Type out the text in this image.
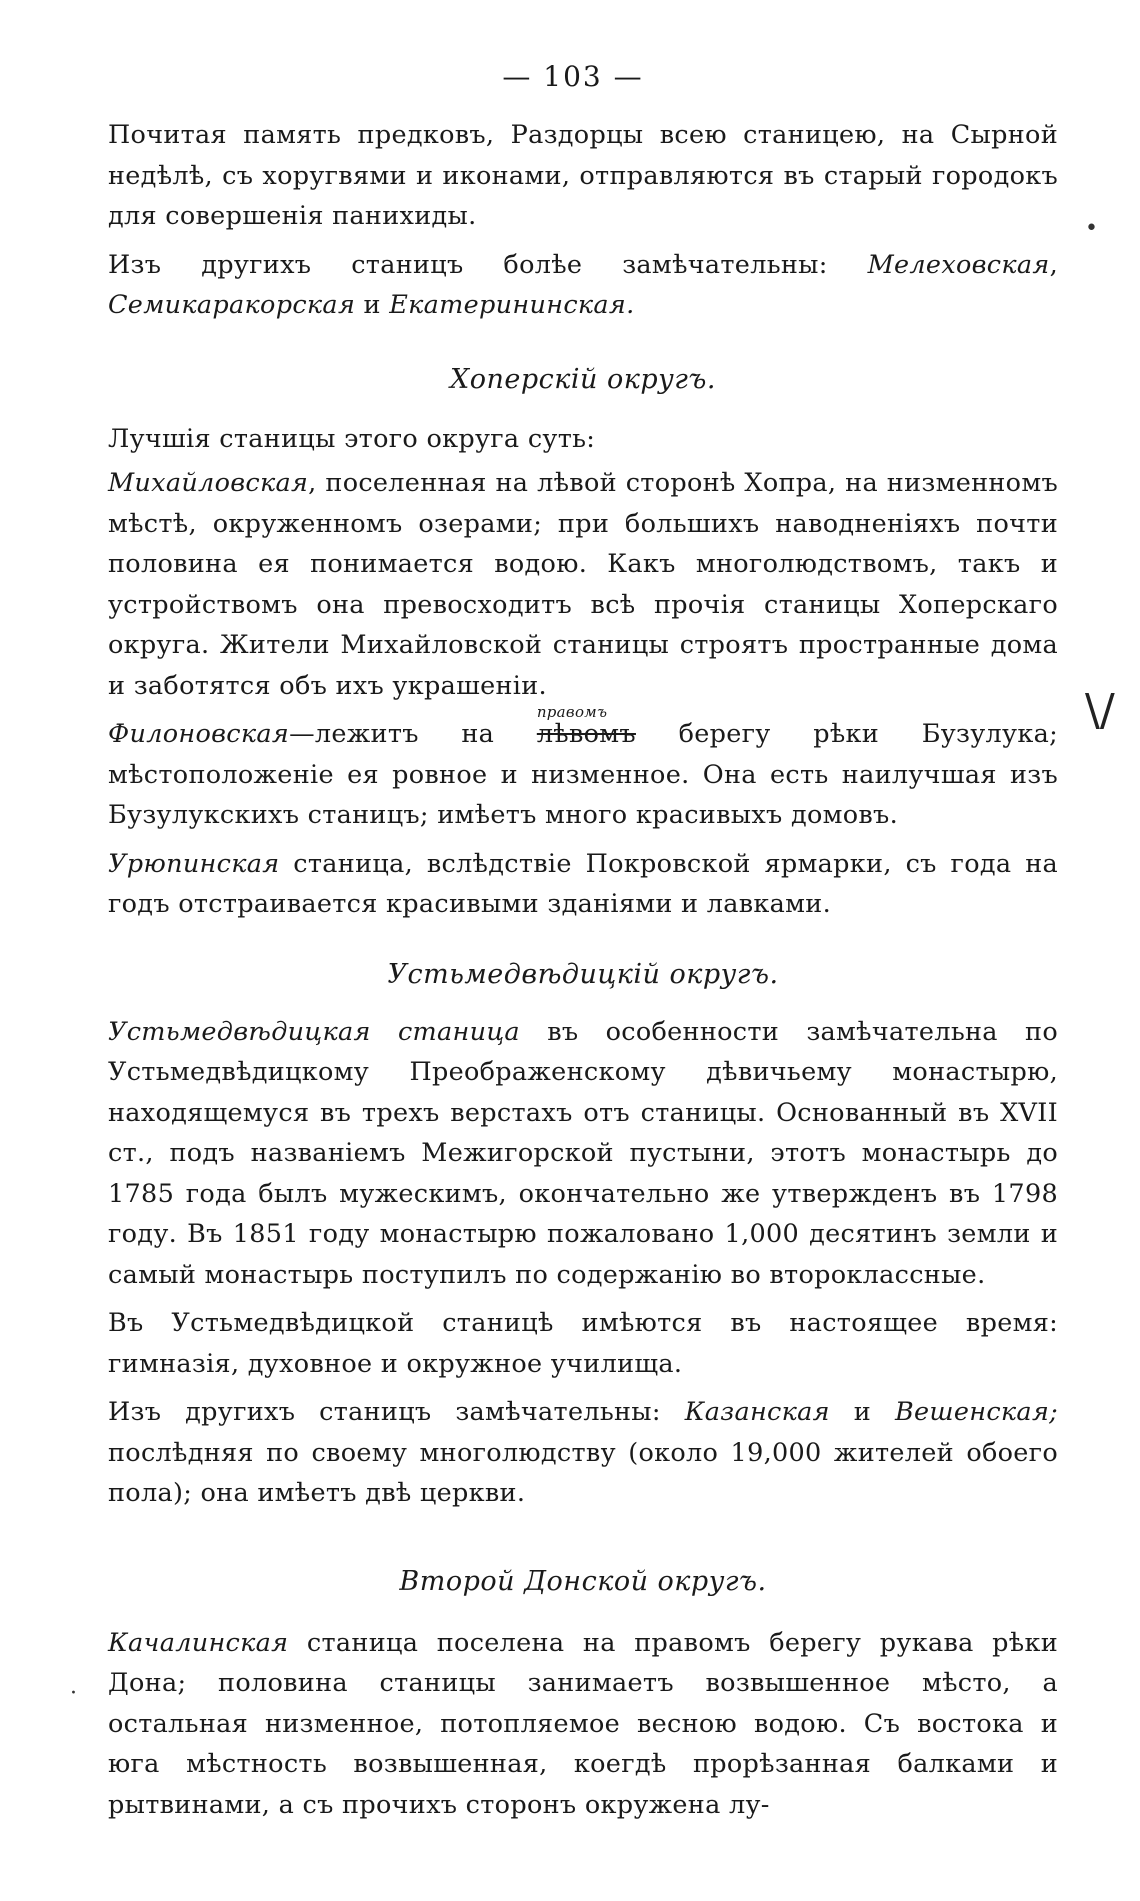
— 103 —

Почитая память предковъ, Раздорцы всею станицею, на Сырной недѣлѣ, съ хоругвями и иконами, отправляются въ старый городокъ для совершенія панихиды.

Изъ другихъ станицъ болѣе замѣчательны: Мелеховская, Семикаракорская и Екатерининская.

Хоперскій округъ.

Лучшія станицы этого округа суть:

Михайловская, поселенная на лѣвой сторонѣ Хопра, на низменномъ мѣстѣ, окруженномъ озерами; при большихъ наводненіяхъ почти половина ея понимается водою. Какъ многолюдствомъ, такъ и устройствомъ она превосходитъ всѣ прочія станицы Хоперскаго округа. Жители Михайловской станицы строятъ пространные дома и заботятся объ ихъ украшеніи.

Филоновская—лежитъ на
правомъ
лѣвомъ берегу рѣки Бузулука; мѣстоположеніе ея ровное и низменное. Она есть наилучшая изъ Бузулукскихъ станицъ; имѣетъ много красивыхъ домовъ.

Урюпинская станица, вслѣдствіе Покровской ярмарки, съ года на годъ отстраивается красивыми зданіями и лавками.

Устьмедвѣдицкій округъ.

Устьмедвѣдицкая станица въ особенности замѣчательна по Устьмедвѣдицкому Преображенскому дѣвичьему монастырю, находящемуся въ трехъ верстахъ отъ станицы. Основанный въ XVII ст., подъ названіемъ Межигорской пустыни, этотъ монастырь до 1785 года былъ мужескимъ, окончательно же утвержденъ въ 1798 году. Въ 1851 году монастырю пожаловано 1,000 десятинъ земли и самый монастырь поступилъ по содержанію во второклассные.

Въ Устьмедвѣдицкой станицѣ имѣются въ настоящее время: гимназія, духовное и окружное училища.

Изъ другихъ станицъ замѣчательны: Казанская и Вешенская; послѣдняя по своему многолюдству (около 19,000 жителей обоего пола); она имѣетъ двѣ церкви.

Второй Донской округъ.

Качалинская станица поселена на правомъ берегу рукава рѣки Дона; половина станицы занимаетъ возвышенное мѣсто, а остальная низменное, потопляемое весною водою. Съ востока и юга мѣстность возвышенная, коегдѣ прорѣзанная балками и рытвинами, а съ прочихъ сторонъ окружена лу-

\/
•
·
